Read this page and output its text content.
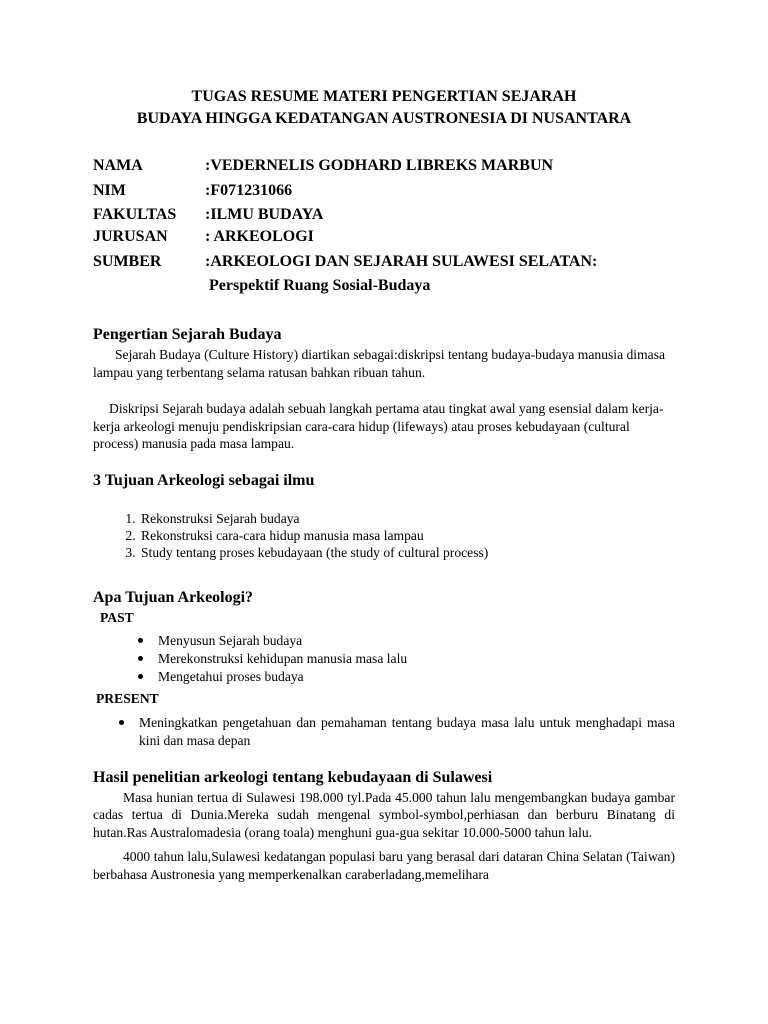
TUGAS RESUME MATERI PENGERTIAN SEJARAH

BUDAYA HINGGA KEDATANGAN AUSTRONESIA DI NUSANTARA

NAMA	:VEDERNELIS GODHARD LIBREKS MARBUN
NIM	:F071231066
FAKULTAS	:ILMU BUDAYA
JURUSAN	: ARKEOLOGI
SUMBER	:ARKEOLOGI DAN SEJARAH SULAWESI SELATAN:
Perspektif Ruang Sosial-Budaya
Pengertian Sejarah Budaya

Sejarah Budaya (Culture History) diartikan sebagai:diskripsi tentang budaya-budaya manusia dimasa lampau yang terbentang selama ratusan bahkan ribuan tahun.

Diskripsi Sejarah budaya adalah sebuah langkah pertama atau tingkat awal yang esensial dalam kerja-kerja arkeologi menuju pendiskripsian cara-cara hidup (lifeways) atau proses kebudayaan (cultural process) manusia pada masa lampau.

3 Tujuan Arkeologi sebagai ilmu
1. Rekonstruksi Sejarah budaya
2. Rekonstruksi cara-cara hidup manusia masa lampau
3. Study tentang proses kebudayaan (the study of cultural process)
Apa Tujuan Arkeologi?
PAST
Menyusun Sejarah budaya
Merekonstruksi kehidupan manusia masa lalu
Mengetahui proses budaya
PRESENT
Meningkatkan pengetahuan dan pemahaman tentang budaya masa lalu untuk menghadapi masa kini dan masa depan
Hasil penelitian arkeologi tentang kebudayaan di Sulawesi

Masa hunian tertua di Sulawesi 198.000 tyl.Pada 45.000 tahun lalu mengembangkan budaya gambar cadas tertua di Dunia.Mereka sudah mengenal symbol-symbol,perhiasan dan berburu Binatang di hutan.Ras Australomadesia (orang toala) menghuni gua-gua sekitar 10.000-5000 tahun lalu.

4000 tahun lalu,Sulawesi kedatangan populasi baru yang berasal dari dataran China Selatan (Taiwan) berbahasa Austronesia yang memperkenalkan caraberladang,memelihara
